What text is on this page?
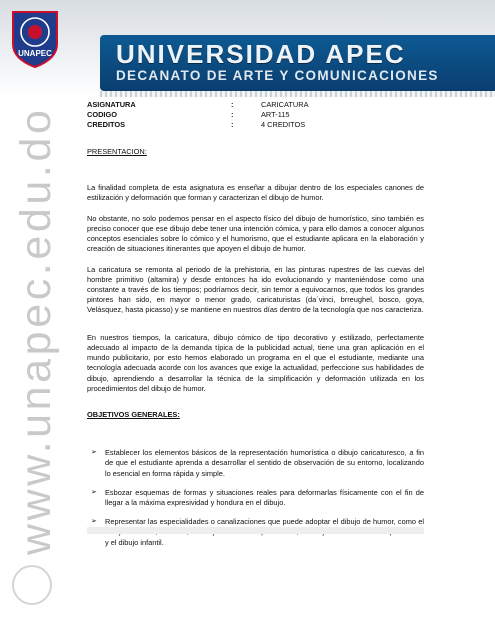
UNAPEC UNIVERSIDAD APEC
DECANATO DE ARTE Y COMUNICACIONES
www.unapec.edu.do
ASIGNATURA	:	CARICATURA
CODIGO	:	ART-115
CREDITOS	:	4 CREDITOS

PRESENTACION:

La finalidad completa de esta asignatura es enseñar a dibujar dentro de los especiales canones de estilización y deformación que forman y caracterizan el dibujo de humor.

No obstante, no solo podemos pensar en el aspecto físico del dibujo de humorístico, sino también es preciso conocer que ese dibujo debe tener una intención cómica, y para ello damos a conocer algunos conceptos esenciales sobre lo cómico y el humorismo, que el estudiante aplicara en la elaboración y creación de situaciones itinerantes que apoyen el dibujo de humor.

La caricatura se remonta al periodo de la prehistoria, en las pinturas rupestres de las cuevas del hombre primitivo (altamira) y desde entonces ha ido evolucionando y manteniéndose como una constante a través de los tiempos; podríamos decir, sin temor a equivocarnos, que todos los grandes pintores han sido, en mayor o menor grado, caricaturistas (da´vinci, brreughel, bosco, goya, Velásquez, hasta picasso) y se mantiene en nuestros días dentro de la tecnología que nos caracteriza.

En nuestros tiempos, la caricatura, dibujo cómico de tipo decorativo y estilizado, perfectamente adecuado al impacto de la demanda típica de la publicidad actual, tiene una gran aplicación en el mundo publicitario, por esto hemos elaborado un programa en el que el estudiante, mediante una tecnología adecuada acorde con los avances que exige la actualidad, perfeccione sus habilidades de dibujo, aprendiendo a desarrollar la técnica de la simplificación y deformación utilizada en los procedimientos del dibujo de humor.

OBJETIVOS GENERALES:

➢	Establecer los elementos básicos de la representación humorística o dibujo caricaturesco, a fin de que el estudiante aprenda a desarrollar el sentido de observación de su entorno, localizando lo esencial en forma rápida y simple.
➢	Esbozar esquemas de formas y situaciones reales para deformarlas físicamente con el fin de llegar a la máxima expresividad y hondura en el dibujo.
➢	Representar las especialidades o canalizaciones que puede adoptar el dibujo de humor, como el y el dibujo infantil.
